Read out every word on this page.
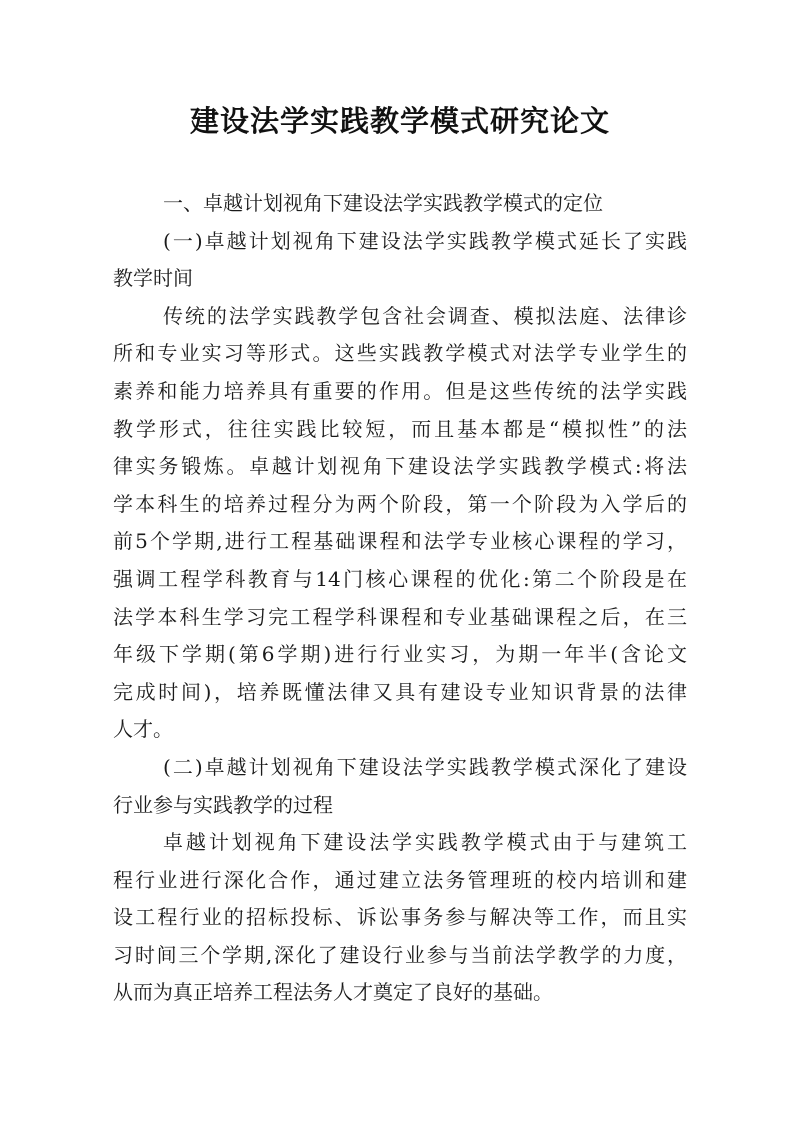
建设法学实践教学模式研究论文
一、卓越计划视角下建设法学实践教学模式的定位
(一)卓越计划视角下建设法学实践教学模式延长了实践
教学时间
传统的法学实践教学包含社会调查、模拟法庭、法律诊
所和专业实习等形式。这些实践教学模式对法学专业学生的
素养和能力培养具有重要的作用。但是这些传统的法学实践
教学形式，往往实践比较短，而且基本都是“模拟性”的法
律实务锻炼。卓越计划视角下建设法学实践教学模式:将法
学本科生的培养过程分为两个阶段，第一个阶段为入学后的
前5个学期,进行工程基础课程和法学专业核心课程的学习，
强调工程学科教育与14门核心课程的优化:第二个阶段是在
法学本科生学习完工程学科课程和专业基础课程之后，在三
年级下学期(第6学期)进行行业实习，为期一年半(含论文
完成时间)，培养既懂法律又具有建设专业知识背景的法律
人才。
(二)卓越计划视角下建设法学实践教学模式深化了建设
行业参与实践教学的过程
卓越计划视角下建设法学实践教学模式由于与建筑工
程行业进行深化合作，通过建立法务管理班的校内培训和建
设工程行业的招标投标、诉讼事务参与解决等工作，而且实
习时间三个学期,深化了建设行业参与当前法学教学的力度，
从而为真正培养工程法务人才奠定了良好的基础。
